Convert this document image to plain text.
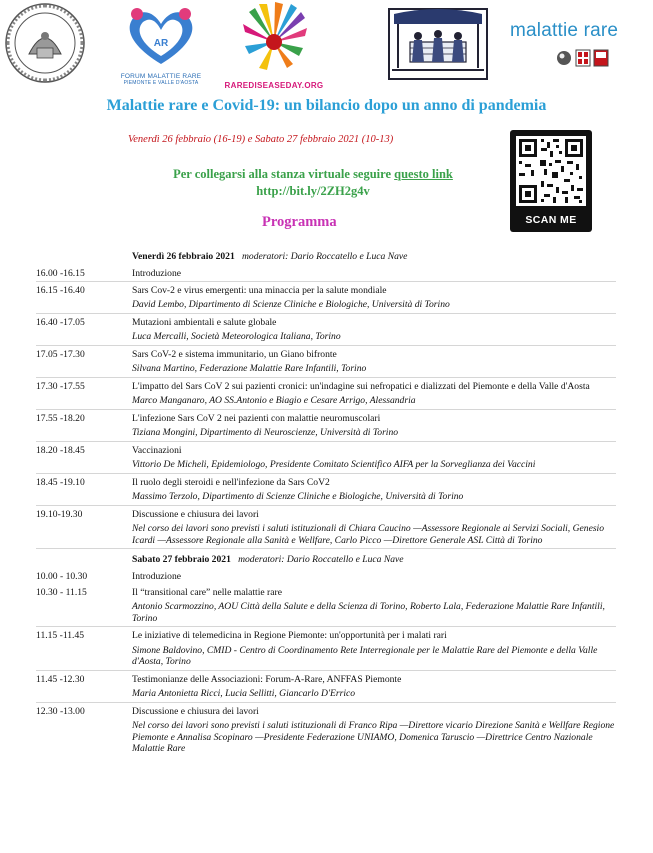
AR
FORUM MALATTIE RARE
PIEMONTE E VALLE D'AOSTA	RAREDISEASEDAY.ORG
malattie rare
Malattie rare e Covid-19: un bilancio dopo un anno di pandemia
Venerdì 26 febbraio (16-19) e Sabato 27 febbraio 2021 (10-13)
Per collegarsi alla stanza virtuale seguire questo link
http://bit.ly/2ZH2g4v
SCAN ME
Programma
Venerdì 26 febbraio 2021 moderatori: Dario Roccatello e Luca Nave
16.00 -16.15	Introduzione
16.15 -16.40	Sars Cov-2 e virus emergenti: una minaccia per la salute mondiale
David Lembo, Dipartimento di Scienze Cliniche e Biologiche, Università di Torino
16.40 -17.05	Mutazioni ambientali e salute globale
Luca Mercalli, Società Meteorologica Italiana, Torino
17.05 -17.30	Sars CoV-2 e sistema immunitario, un Giano bifronte
Silvana Martino, Federazione Malattie Rare Infantili, Torino
17.30 -17.55	L'impatto del Sars CoV 2 sui pazienti cronici: un'indagine sui nefropatici e dializzati del Piemonte e della Valle d'Aosta
Marco Manganaro, AO SS.Antonio e Biagio e Cesare Arrigo, Alessandria
17.55 -18.20	L'infezione Sars CoV 2 nei pazienti con malattie neuromuscolari
Tiziana Mongini, Dipartimento di Neuroscienze, Università di Torino
18.20 -18.45	Vaccinazioni
Vittorio De Micheli, Epidemiologo, Presidente Comitato Scientifico AIFA per la Sorveglianza dei Vaccini
18.45 -19.10	Il ruolo degli steroidi e nell'infezione da Sars CoV2
Massimo Terzolo, Dipartimento di Scienze Cliniche e Biologiche, Università di Torino
19.10-19.30	Discussione e chiusura dei lavori
Nel corso dei lavori sono previsti i saluti istituzionali di Chiara Caucino —Assessore Regionale ai Servizi Sociali, Genesio Icardi —Assessore Regionale alla Sanità e Wellfare, Carlo Picco —Direttore Generale ASL Città di Torino
Sabato 27 febbraio 2021 moderatori: Dario Roccatello e Luca Nave
10.00 - 10.30	Introduzione
10.30 - 11.15	Il “transitional care” nelle malattie rare
Antonio Scarmozzino, AOU Città della Salute e della Scienza di Torino, Roberto Lala, Federazione Malattie Rare Infantili, Torino
11.15 -11.45	Le iniziative di telemedicina in Regione Piemonte: un'opportunità per i malati rari
Simone Baldovino, CMID - Centro di Coordinamento Rete Interregionale per le Malattie Rare del Piemonte e della Valle d'Aosta, Torino
11.45 -12.30	Testimonianze delle Associazioni: Forum-A-Rare, ANFFAS Piemonte
Maria Antonietta Ricci, Lucia Sellitti, Giancarlo D'Errico
12.30 -13.00	Discussione e chiusura dei lavori
Nel corso dei lavori sono previsti i saluti istituzionali di Franco Ripa —Direttore vicario Direzione Sanità e Wellfare Regione Piemonte e Annalisa Scopinaro —Presidente Federazione UNIAMO, Domenica Taruscio —Direttrice Centro Nazionale Malattie Rare
